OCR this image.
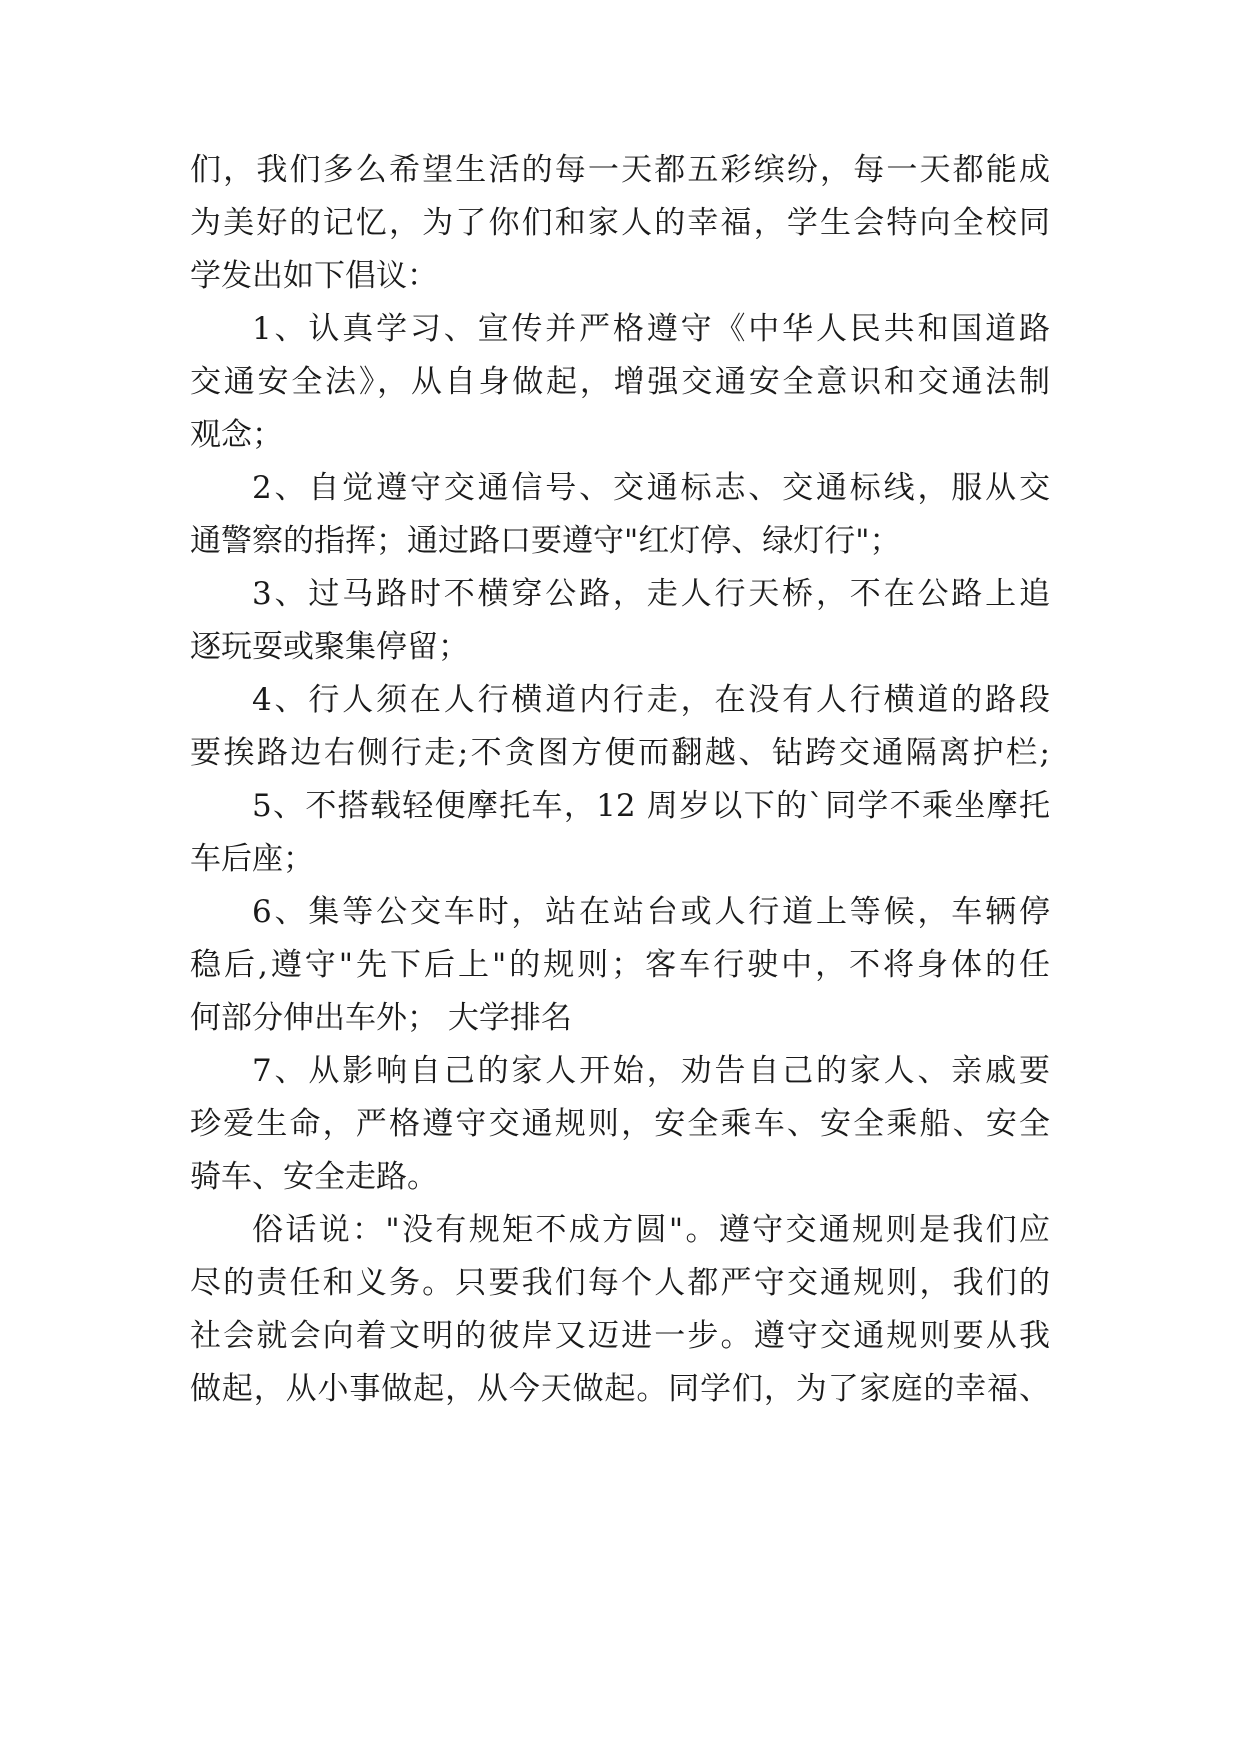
们，我们多么希望生活的每一天都五彩缤纷，每一天都能成
为美好的记忆，为了你们和家人的幸福，学生会特向全校同
学发出如下倡议：
1、认真学习、宣传并严格遵守《中华人民共和国道路
交通安全法》，从自身做起，增强交通安全意识和交通法制
观念；
2、自觉遵守交通信号、交通标志、交通标线，服从交
通警察的指挥；通过路口要遵守"红灯停、绿灯行"；
3、过马路时不横穿公路，走人行天桥，不在公路上追
逐玩耍或聚集停留；
4、行人须在人行横道内行走，在没有人行横道的路段
要挨路边右侧行走;不贪图方便而翻越、钻跨交通隔离护栏;
5、不搭载轻便摩托车，12 周岁以下的`同学不乘坐摩托
车后座；
6、集等公交车时，站在站台或人行道上等候，车辆停
稳后,遵守"先下后上"的规则；客车行驶中，不将身体的任
何部分伸出车外； 大学排名
7、从影响自己的家人开始，劝告自己的家人、亲戚要
珍爱生命，严格遵守交通规则，安全乘车、安全乘船、安全
骑车、安全走路。
俗话说："没有规矩不成方圆"。遵守交通规则是我们应
尽的责任和义务。只要我们每个人都严守交通规则，我们的
社会就会向着文明的彼岸又迈进一步。遵守交通规则要从我
做起，从小事做起，从今天做起。同学们，为了家庭的幸福、
